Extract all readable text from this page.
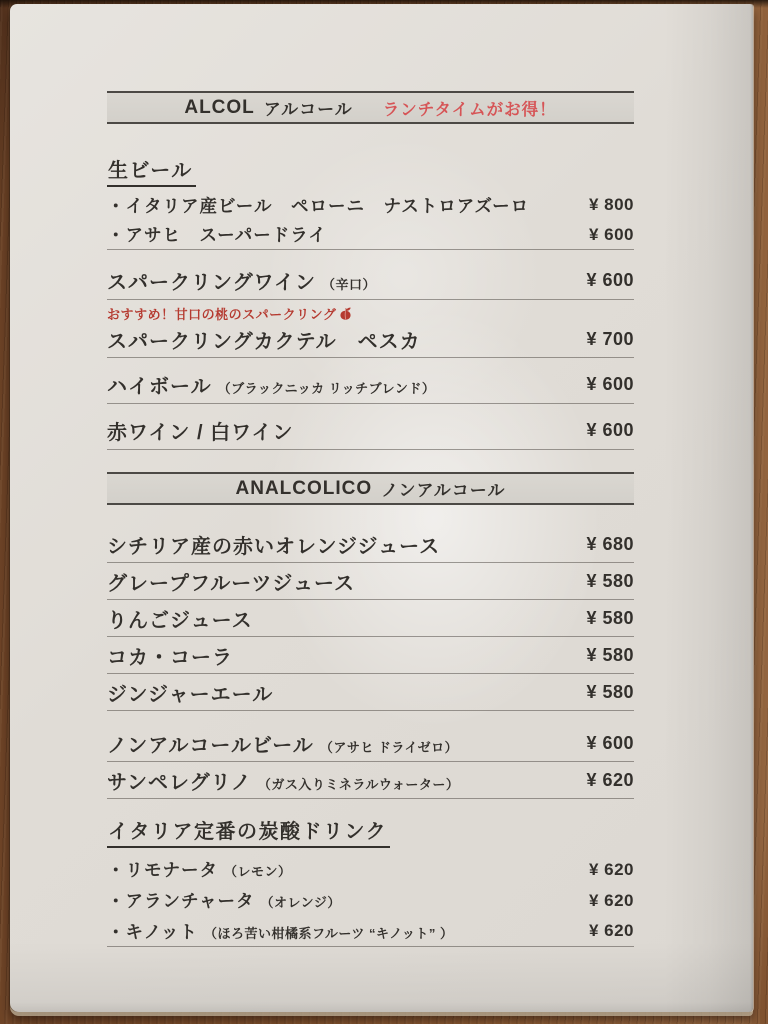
ALCOL アルコール ランチタイムがお得！
生ビール
・イタリア産ビール　ペローニ　ナストロアズーロ	¥ 800
・アサヒ　スーパードライ	¥ 600
スパークリングワイン （辛口）	¥ 600
おすすめ！甘口の桃のスパークリング
スパークリングカクテル　ペスカ	¥ 700
ハイボール （ブラックニッカ リッチブレンド）	¥ 600
赤ワイン / 白ワイン	¥ 600
ANALCOLICO ノンアルコール
シチリア産の赤いオレンジジュース	¥ 680
グレープフルーツジュース	¥ 580
りんごジュース	¥ 580
コカ・コーラ	¥ 580
ジンジャーエール	¥ 580
ノンアルコールビール （アサヒ ドライゼロ）	¥ 600
サンペレグリノ （ガス入りミネラルウォーター）	¥ 620
イタリア定番の炭酸ドリンク
・リモナータ （レモン）	¥ 620
・アランチャータ （オレンジ）	¥ 620
・キノット （ほろ苦い柑橘系フルーツ “キノット” ）	¥ 620
